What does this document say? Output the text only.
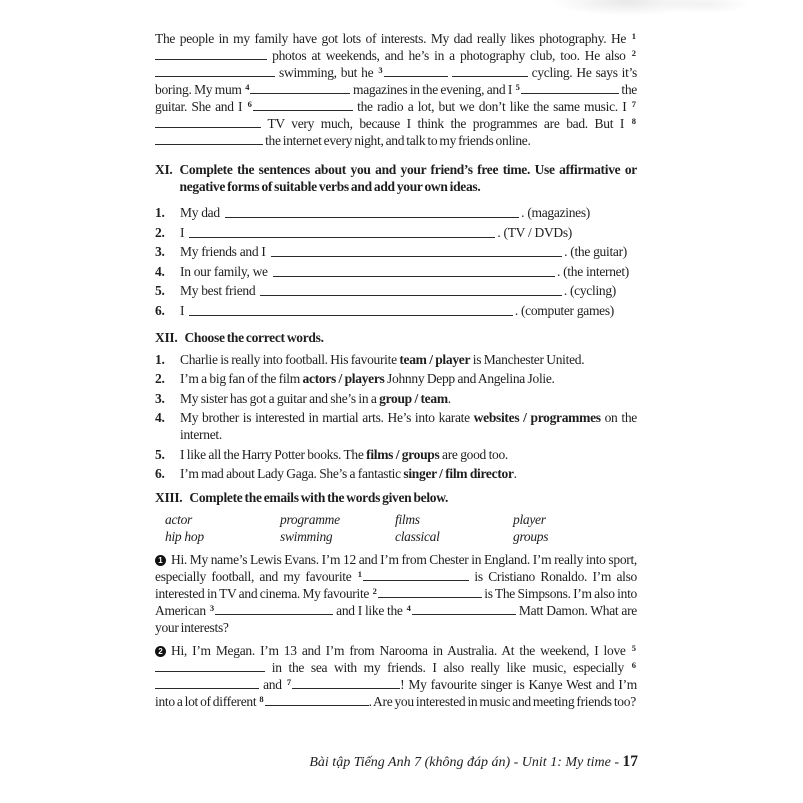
The people in my family have got lots of interests. My dad really likes photography. He 1 photos at weekends, and he’s in a photography club, too. He also 2 swimming, but he 3	cycling. He says it’s boring. My mum 4	magazines in the evening, and I 5	the guitar. She and I 6	the radio a lot, but we don’t like the same music. I 7 TV very much, because I think the programmes are bad. But I 8 the internet every night, and talk to my friends online.

XI. Complete the sentences about you and your friend’s free time. Use affirmative or negative forms of suitable verbs and add your own ideas.
1.	My dad	. (magazines)
2.	I	. (TV / DVDs)
3.	My friends and I	. (the guitar)
4.	In our family, we	. (the internet)
5.	My best friend	. (cycling)
6.	I	. (computer games)
XII. Choose the correct words.
1.	Charlie is really into football. His favourite team / player is Manchester United.
2.	I’m a big fan of the film actors / players Johnny Depp and Angelina Jolie.
3.	My sister has got a guitar and she’s in a group / team.
4.	My brother is interested in martial arts. He’s into karate websites / programmes on the internet.
5.	I like all the Harry Potter books. The films / groups are good too.
6.	I’m mad about Lady Gaga. She’s a fantastic singer / film director.
XIII. Complete the emails with the words given below.
actor	programme	films	player
hip hop	swimming	classical	groups

1 Hi. My name’s Lewis Evans. I’m 12 and I’m from Chester in England. I’m really into sport, especially football, and my favourite 1	is Cristiano Ronaldo. I’m also interested in TV and cinema. My favourite 2	is The Simpsons. I’m also into American 3	and I like the 4	Matt Damon. What are your interests?

2 Hi, I’m Megan. I’m 13 and I’m from Narooma in Australia. At the weekend, I love 5 in the sea with my friends. I also really like music, especially 6 and 7	! My favourite singer is Kanye West and I’m into a lot of different 8	. Are you interested in music and meeting friends too?

Bài tập Tiếng Anh 7 (không đáp án) - Unit 1: My time - 17
